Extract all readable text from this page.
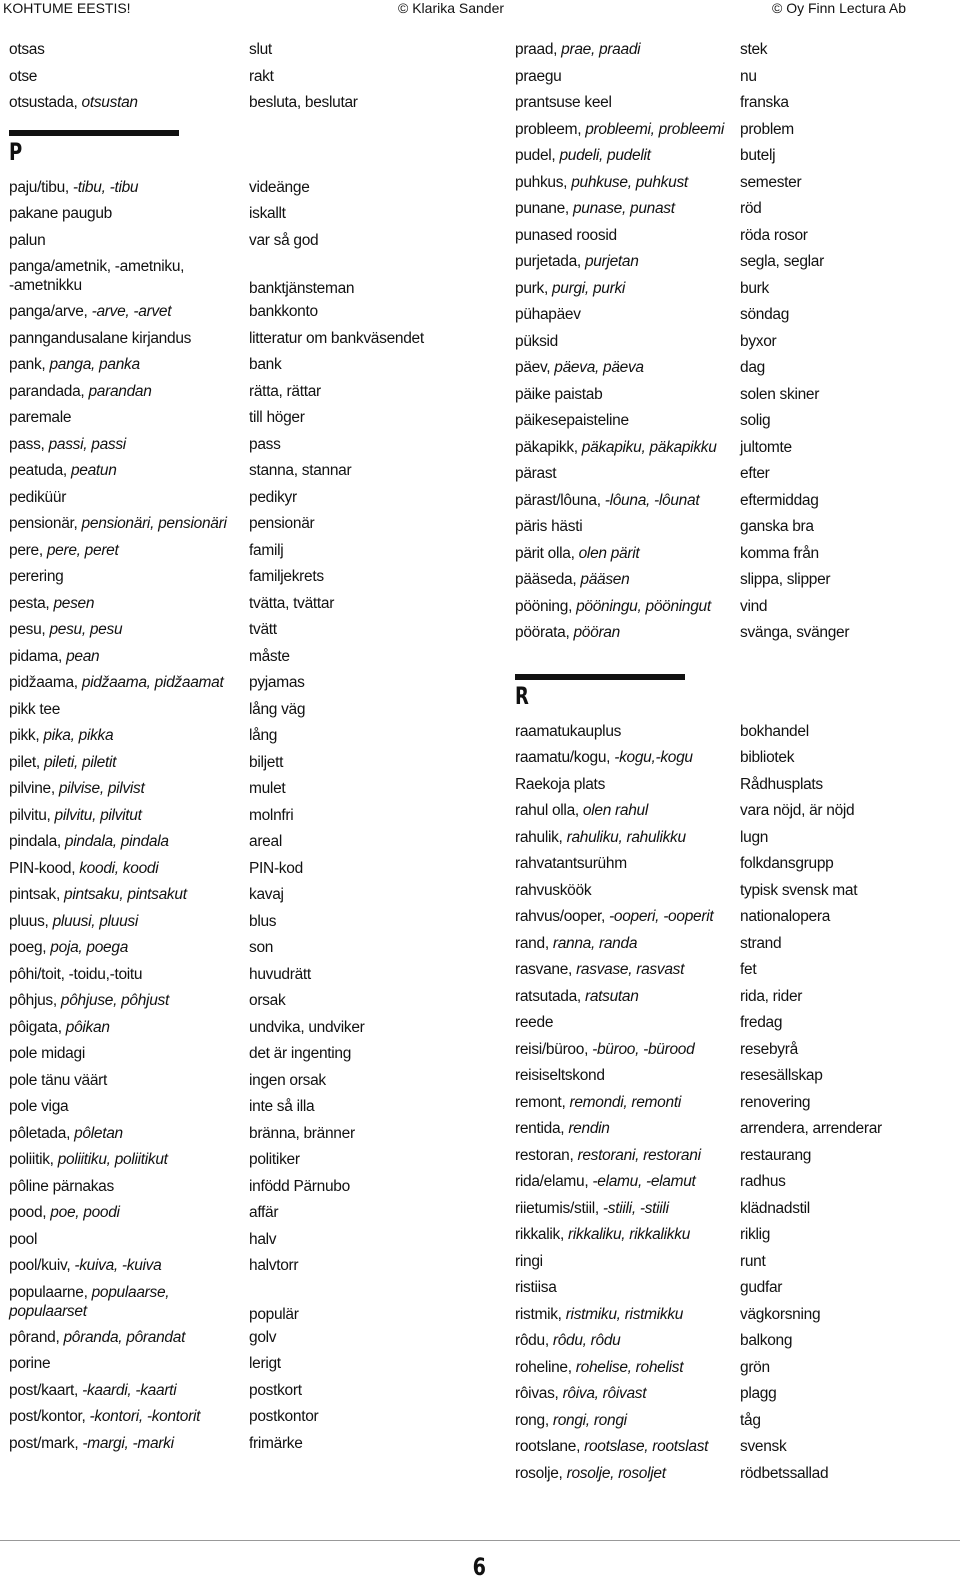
KOHTUME EESTIS!	© Klarika Sander	© Oy Finn Lectura Ab
otsas	slut
otse	rakt
otsustada, otsustan	besluta, beslutar
P
paju/tibu, -tibu, -tibu	videänge
pakane paugub	iskallt
palun	var så god
panga/ametnik, -ametniku,
-ametnikku	banktjänsteman
panga/arve, -arve, -arvet	bankkonto
panngandusalane kirjandus	litteratur om bankväsendet
pank, panga, panka	bank
parandada, parandan	rätta, rättar
paremale	till höger
pass, passi, passi	pass
peatuda, peatun	stanna, stannar
pediküür	pedikyr
pensionär, pensionäri, pensionäri	pensionär
pere, pere, peret	familj
perering	familjekrets
pesta, pesen	tvätta, tvättar
pesu, pesu, pesu	tvätt
pidama, pean	måste
pidžaama, pidžaama, pidžaamat	pyjamas
pikk tee	lång väg
pikk, pika, pikka	lång
pilet, pileti, piletit	biljett
pilvine, pilvise, pilvist	mulet
pilvitu, pilvitu, pilvitut	molnfri
pindala, pindala, pindala	areal
PIN-kood, koodi, koodi	PIN-kod
pintsak, pintsaku, pintsakut	kavaj
pluus, pluusi, pluusi	blus
poeg, poja, poega	son
pôhi/toit, -toidu,-toitu	huvudrätt
pôhjus, pôhjuse, pôhjust	orsak
pôigata, pôikan	undvika, undviker
pole midagi	det är ingenting
pole tänu väärt	ingen orsak
pole viga	inte så illa
pôletada, pôletan	bränna, bränner
poliitik, poliitiku, poliitikut	politiker
pôline pärnakas	infödd Pärnubo
pood, poe, poodi	affär
pool	halv
pool/kuiv, -kuiva, -kuiva	halvtorr
populaarne, populaarse,
populaarset	populär
pôrand, pôranda, pôrandat	golv
porine	lerigt
post/kaart, -kaardi, -kaarti	postkort
post/kontor, -kontori, -kontorit	postkontor
post/mark, -margi, -marki	frimärke
praad, prae, praadi	stek
praegu	nu
prantsuse keel	franska
probleem, probleemi, probleemi	problem
pudel, pudeli, pudelit	butelj
puhkus, puhkuse, puhkust	semester
punane, punase, punast	röd
punased roosid	röda rosor
purjetada, purjetan	segla, seglar
purk, purgi, purki	burk
pühapäev	söndag
püksid	byxor
päev, päeva, päeva	dag
päike paistab	solen skiner
päikesepaisteline	solig
päkapikk, päkapiku, päkapikku	jultomte
pärast	efter
pärast/lôuna, -lôuna, -lôunat	eftermiddag
päris hästi	ganska bra
pärit olla, olen pärit	komma från
pääseda, pääsen	slippa, slipper
pööning, pööningu, pööningut	vind
pöörata, pööran	svänga, svänger
R
raamatukauplus	bokhandel
raamatu/kogu, -kogu,-kogu	bibliotek
Raekoja plats	Rådhusplats
rahul olla, olen rahul	vara nöjd, är nöjd
rahulik, rahuliku, rahulikku	lugn
rahvatantsurühm	folkdansgrupp
rahvusköök	typisk svensk mat
rahvus/ooper, -ooperi, -ooperit	nationalopera
rand, ranna, randa	strand
rasvane, rasvase, rasvast	fet
ratsutada, ratsutan	rida, rider
reede	fredag
reisi/büroo, -büroo, -bürood	resebyrå
reisiseltskond	resesällskap
remont, remondi, remonti	renovering
rentida, rendin	arrendera, arrenderar
restoran, restorani, restorani	restaurang
rida/elamu, -elamu, -elamut	radhus
riietumis/stiil, -stiili, -stiili	klädnadstil
rikkalik, rikkaliku, rikkalikku	riklig
ringi	runt
ristiisa	gudfar
ristmik, ristmiku, ristmikku	vägkorsning
rôdu, rôdu, rôdu	balkong
roheline, rohelise, rohelist	grön
rôivas, rôiva, rôivast	plagg
rong, rongi, rongi	tåg
rootslane, rootslase, rootslast	svensk
rosolje, rosolje, rosoljet	rödbetssallad
6
